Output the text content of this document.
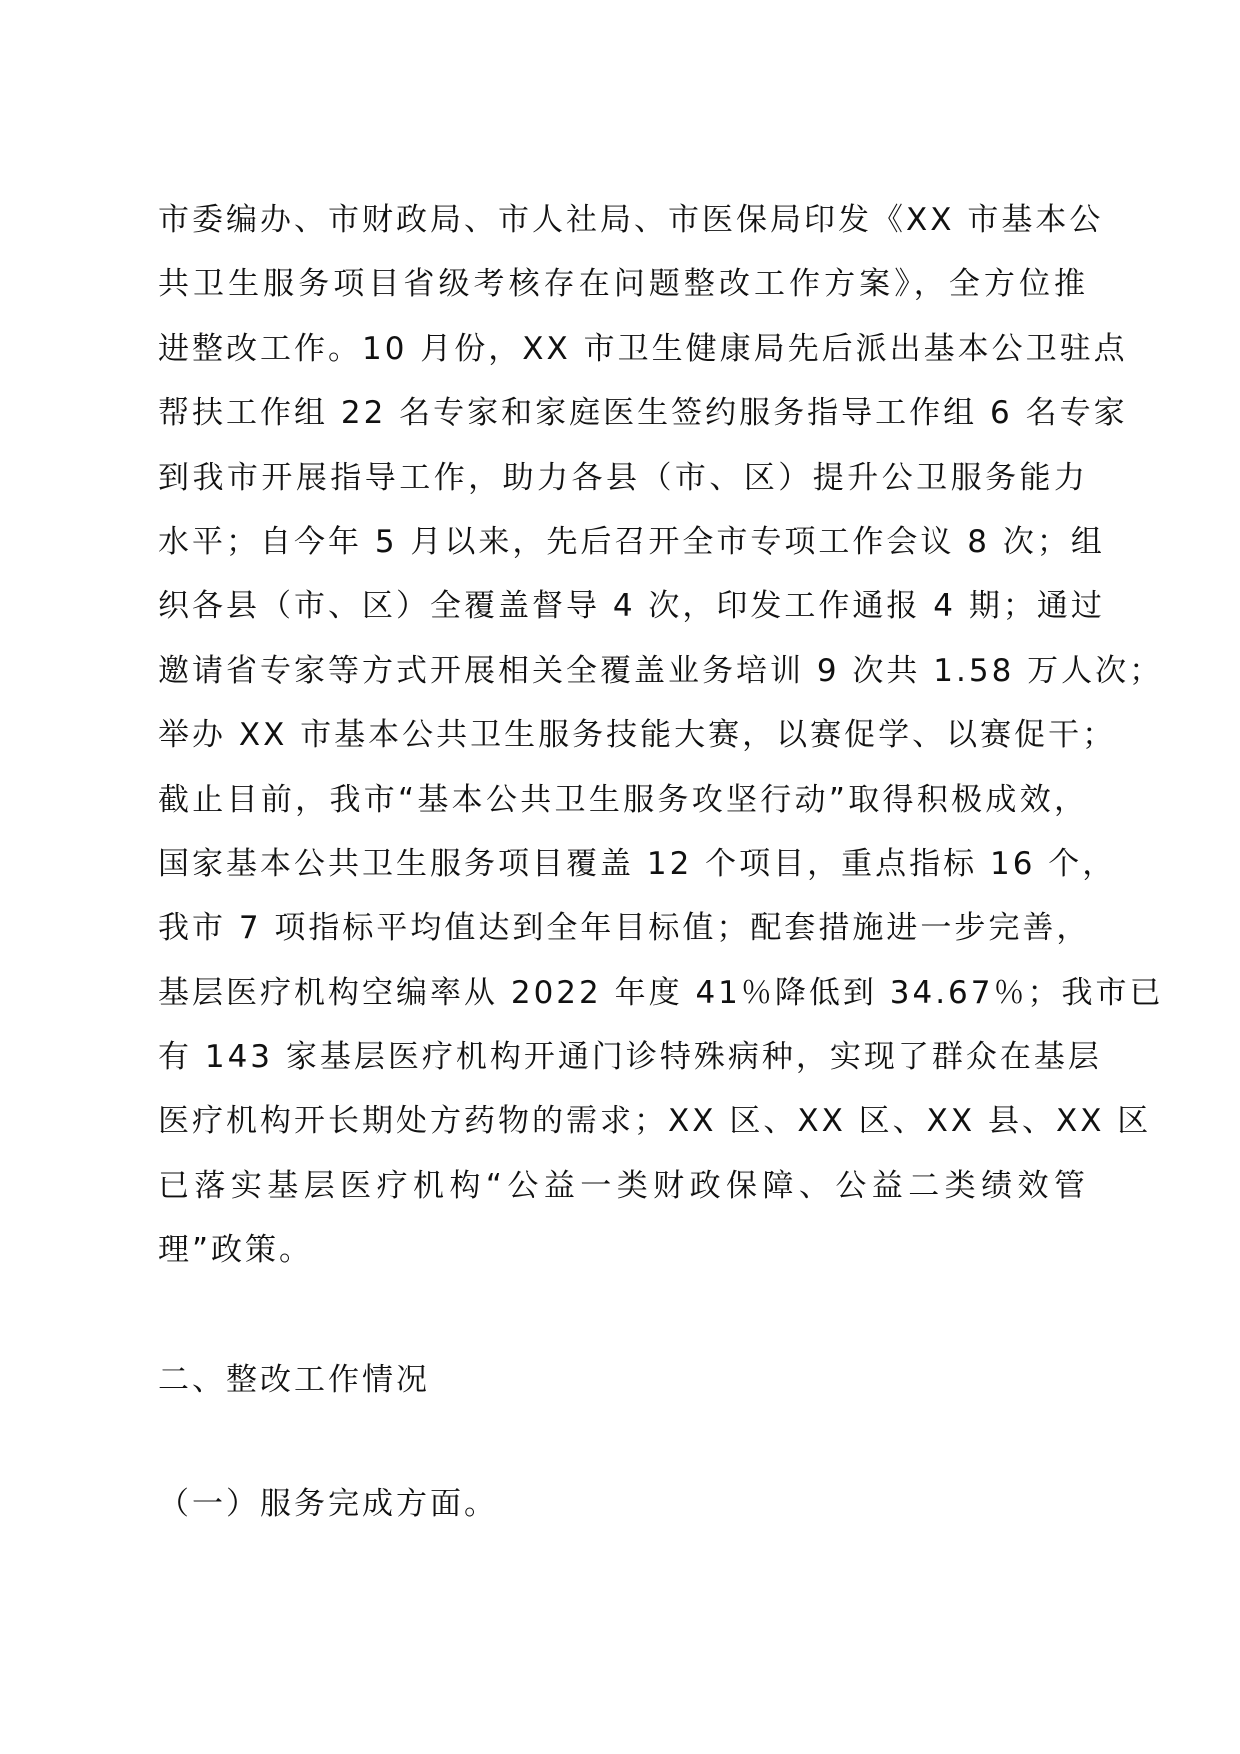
市委编办、市财政局、市人社局、市医保局印发《XX 市基本公
共卫生服务项目省级考核存在问题整改工作方案》，全方位推
进整改工作。10 月份，XX 市卫生健康局先后派出基本公卫驻点
帮扶工作组 22 名专家和家庭医生签约服务指导工作组 6 名专家
到我市开展指导工作，助力各县（市、区）提升公卫服务能力
水平；自今年 5 月以来，先后召开全市专项工作会议 8 次；组
织各县（市、区）全覆盖督导 4 次，印发工作通报 4 期；通过
邀请省专家等方式开展相关全覆盖业务培训 9 次共 1.58 万人次；
举办 XX 市基本公共卫生服务技能大赛，以赛促学、以赛促干；
截止目前，我市“基本公共卫生服务攻坚行动”取得积极成效，
国家基本公共卫生服务项目覆盖 12 个项目，重点指标 16 个，
我市 7 项指标平均值达到全年目标值；配套措施进一步完善，
基层医疗机构空编率从 2022 年度 41％降低到 34.67％；我市已
有 143 家基层医疗机构开通门诊特殊病种，实现了群众在基层
医疗机构开长期处方药物的需求；XX 区、XX 区、XX 县、XX 区
已落实基层医疗机构“公益一类财政保障、公益二类绩效管
理”政策。
二、整改工作情况
（一）服务完成方面。
